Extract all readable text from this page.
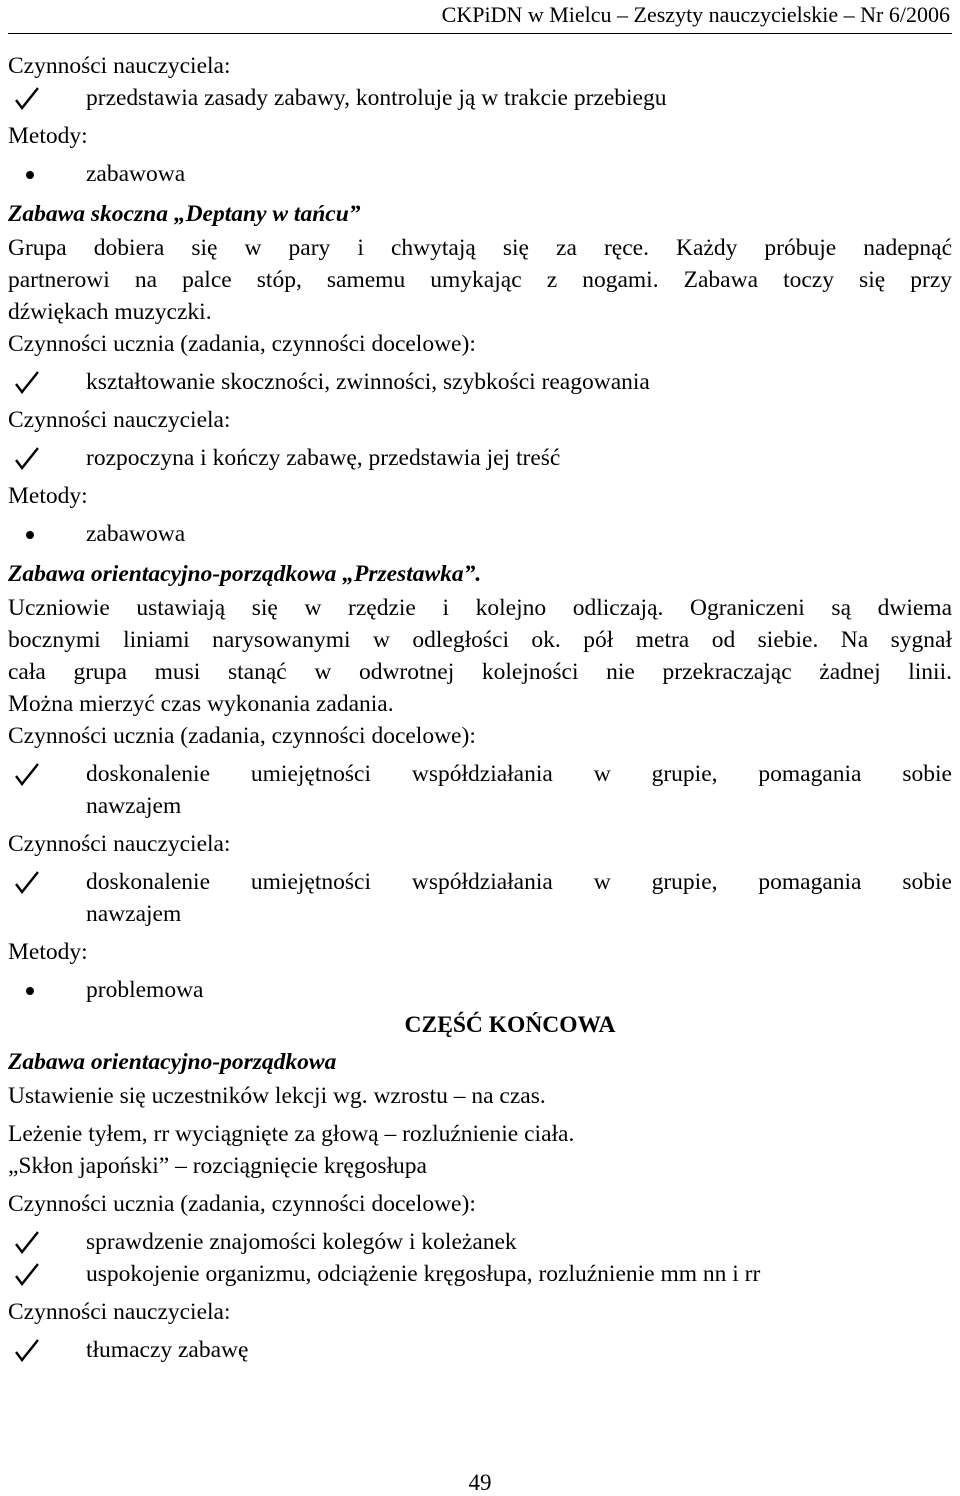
CKPiDN w Mielcu – Zeszyty nauczycielskie – Nr 6/2006
Czynności nauczyciela:
przedstawia zasady zabawy, kontroluje ją w trakcie przebiegu
Metody:
zabawowa
Zabawa skoczna „Deptany w tańcu”
Grupa dobiera się w pary i chwytają się za ręce. Każdy próbuje nadepnąć
partnerowi na palce stóp, samemu umykając z nogami. Zabawa toczy się przy
dźwiękach muzyczki.
Czynności ucznia (zadania, czynności docelowe):
kształtowanie skoczności, zwinności, szybkości reagowania
Czynności nauczyciela:
rozpoczyna i kończy zabawę, przedstawia jej treść
Metody:
zabawowa
Zabawa orientacyjno-porządkowa „Przestawka”.
Uczniowie ustawiają się w rzędzie i kolejno odliczają. Ograniczeni są dwiema
bocznymi liniami narysowanymi w odległości ok. pół metra od siebie. Na sygnał
cała grupa musi stanąć w odwrotnej kolejności nie przekraczając żadnej linii.
Można mierzyć czas wykonania zadania.
Czynności ucznia (zadania, czynności docelowe):
doskonalenie umiejętności współdziałania w grupie, pomagania sobie
nawzajem
Czynności nauczyciela:
doskonalenie umiejętności współdziałania w grupie, pomagania sobie
nawzajem
Metody:
problemowa
CZĘŚĆ KOŃCOWA
Zabawa orientacyjno-porządkowa
Ustawienie się uczestników lekcji wg. wzrostu – na czas.
Leżenie tyłem, rr wyciągnięte za głową – rozluźnienie ciała.
„Skłon japoński” – rozciągnięcie kręgosłupa
Czynności ucznia (zadania, czynności docelowe):
sprawdzenie znajomości kolegów i koleżanek
uspokojenie organizmu, odciążenie kręgosłupa, rozluźnienie mm nn i rr
Czynności nauczyciela:
tłumaczy zabawę
49
